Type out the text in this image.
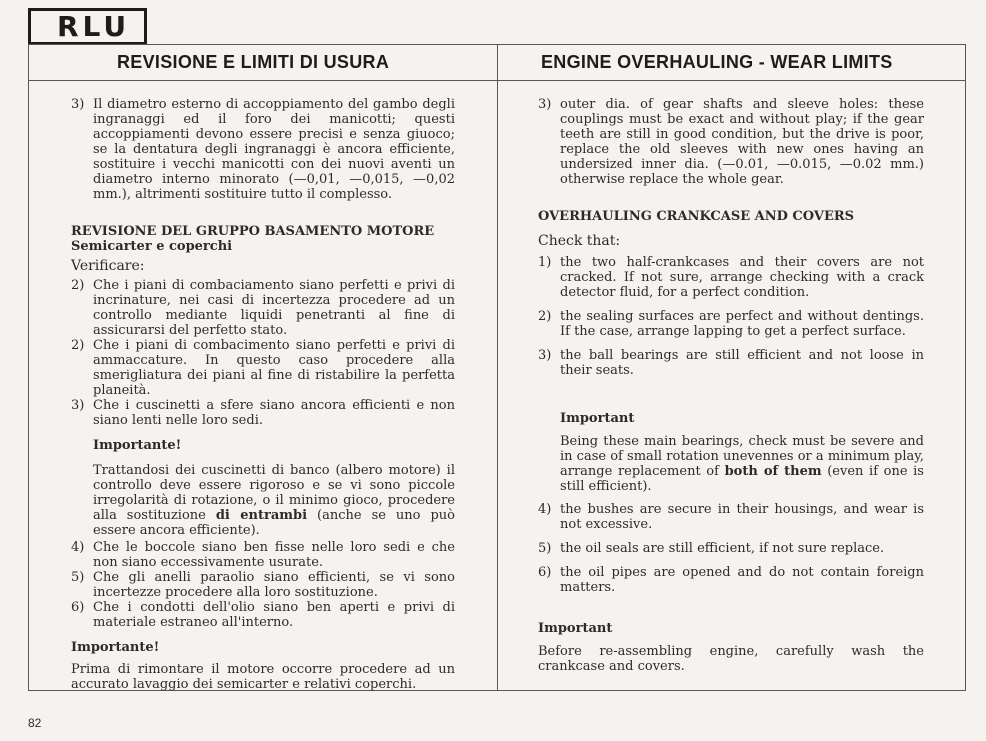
RLU
REVISIONE E LIMITI DI USURA	ENGINE OVERHAULING - WEAR LIMITS
3) Il diametro esterno di accoppiamento del gambo degli ingranaggi ed il foro dei manicotti; questi accoppiamenti devono essere precisi e senza giuoco; se la dentatura degli ingranaggi è ancora efficiente, sostituire i vecchi manicotti con dei nuovi aventi un diametro interno minorato (—0,01, —0,015, —0,02 mm.), altrimenti sostituire tutto il complesso.
REVISIONE DEL GRUPPO BASAMENTO MOTORE
Semicarter e coperchi
Verificare:
2) Che i piani di combaciamento siano perfetti e privi di incrinature, nei casi di incertezza procedere ad un controllo mediante liquidi penetranti al fine di assicurarsi del perfetto stato.
2) Che i piani di combacimento siano perfetti e privi di ammaccature. In questo caso procedere alla smerigliatura dei piani al fine di ristabilire la perfetta planeità.
3) Che i cuscinetti a sfere siano ancora efficienti e non siano lenti nelle loro sedi.
Importante!
Trattandosi dei cuscinetti di banco (albero motore) il controllo deve essere rigoroso e se vi sono piccole irregolarità di rotazione, o il minimo gioco, procedere alla sostituzione di entrambi (anche se uno può essere ancora efficiente).
4) Che le boccole siano ben fisse nelle loro sedi e che non siano eccessivamente usurate.
5) Che gli anelli paraolio siano efficienti, se vi sono incertezze procedere alla loro sostituzione.
6) Che i condotti dell'olio siano ben aperti e privi di materiale estraneo all'interno.
Importante!
Prima di rimontare il motore occorre procedere ad un accurato lavaggio dei semicarter e relativi coperchi.
3) outer dia. of gear shafts and sleeve holes: these couplings must be exact and without play; if the gear teeth are still in good condition, but the drive is poor, replace the old sleeves with new ones having an undersized inner dia. (—0.01, —0.015, —0.02 mm.) otherwise replace the whole gear.
OVERHAULING CRANKCASE AND COVERS
Check that:
1) the two half-crankcases and their covers are not cracked. If not sure, arrange checking with a crack detector fluid, for a perfect condition.
2) the sealing surfaces are perfect and without dentings. If the case, arrange lapping to get a perfect surface.
3) the ball bearings are still efficient and not loose in their seats.
Important
Being these main bearings, check must be severe and in case of small rotation unevennes or a minimum play, arrange replacement of both of them (even if one is still efficient).
4) the bushes are secure in their housings, and wear is not excessive.
5) the oil seals are still efficient, if not sure replace.
6) the oil pipes are opened and do not contain foreign matters.
Important
Before re-assembling engine, carefully wash the crankcase and covers.
82
